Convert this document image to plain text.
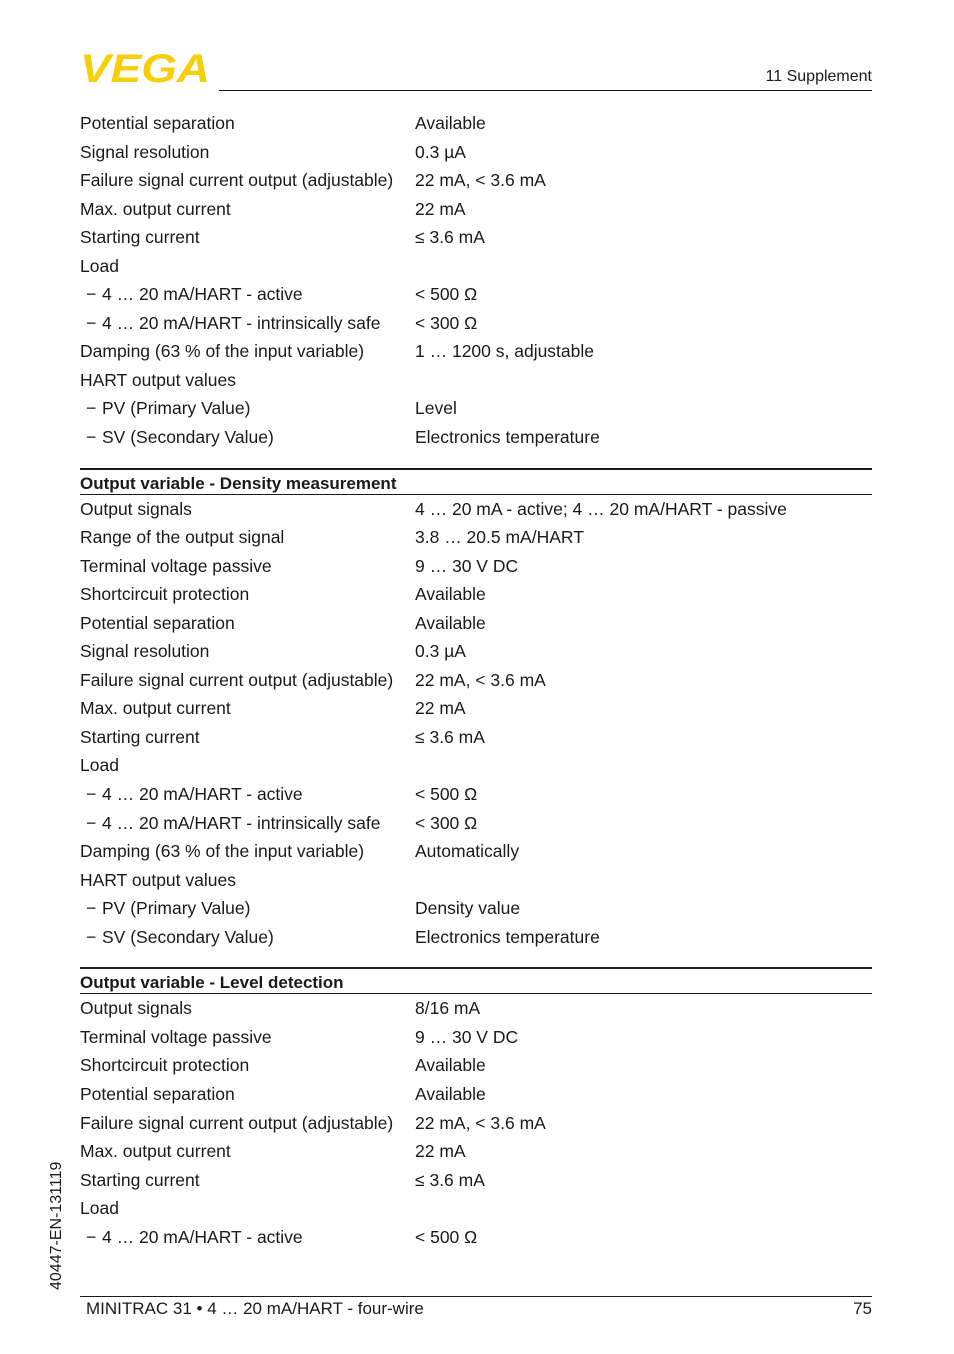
VEGA	11 Supplement
Potential separation	Available
Signal resolution	0.3 µA
Failure signal current output (adjustable) 22 mA, < 3.6 mA
Max. output current	22 mA
Starting current	≤ 3.6 mA
Load
− 4 … 20 mA/HART - active	< 500 Ω
− 4 … 20 mA/HART - intrinsically safe < 300 Ω
Damping (63 % of the input variable)	1 … 1200 s, adjustable
HART output values
− PV (Primary Value)	Level
− SV (Secondary Value)	Electronics temperature
Output variable - Density measurement
Output signals	4 … 20 mA - active; 4 … 20 mA/HART - passive
Range of the output signal	3.8 … 20.5 mA/HART
Terminal voltage passive	9 … 30 V DC
Shortcircuit protection	Available
Potential separation	Available
Signal resolution	0.3 µA
Failure signal current output (adjustable) 22 mA, < 3.6 mA
Max. output current	22 mA
Starting current	≤ 3.6 mA
Load
− 4 … 20 mA/HART - active	< 500 Ω
− 4 … 20 mA/HART - intrinsically safe < 300 Ω
Damping (63 % of the input variable)	Automatically
HART output values
− PV (Primary Value)	Density value
− SV (Secondary Value)	Electronics temperature
Output variable - Level detection
Output signals	8/16 mA
Terminal voltage passive	9 … 30 V DC
Shortcircuit protection	Available
Potential separation	Available
Failure signal current output (adjustable) 22 mA, < 3.6 mA
Max. output current	22 mA
Starting current	≤ 3.6 mA
Load
− 4 … 20 mA/HART - active	< 500 Ω
40447-EN-131119
MINITRAC 31 • 4 … 20 mA/HART - four-wire	75
